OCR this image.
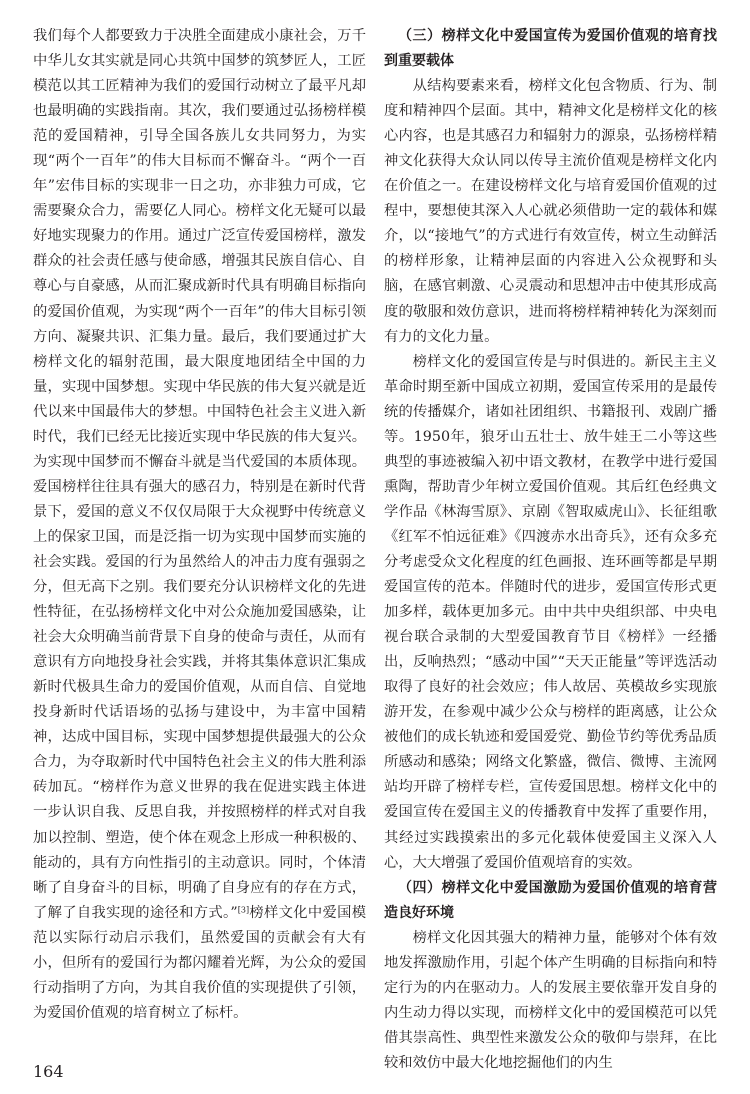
我们每个人都要致力于决胜全面建成小康社会，万千中华儿女其实就是同心共筑中国梦的筑梦匠人，工匠模范以其工匠精神为我们的爱国行动树立了最平凡却也最明确的实践指南。其次，我们要通过弘扬榜样模范的爱国精神，引导全国各族儿女共同努力，为实现“两个一百年”的伟大目标而不懈奋斗。“两个一百年”宏伟目标的实现非一日之功，亦非独力可成，它需要聚众合力，需要亿人同心。榜样文化无疑可以最好地实现聚力的作用。通过广泛宣传爱国榜样，激发群众的社会责任感与使命感，增强其民族自信心、自尊心与自豪感，从而汇聚成新时代具有明确目标指向的爱国价值观，为实现“两个一百年”的伟大目标引领方向、凝聚共识、汇集力量。最后，我们要通过扩大榜样文化的辐射范围，最大限度地团结全中国的力量，实现中国梦想。实现中华民族的伟大复兴就是近代以来中国最伟大的梦想。中国特色社会主义进入新时代，我们已经无比接近实现中华民族的伟大复兴。为实现中国梦而不懈奋斗就是当代爱国的本质体现。爱国榜样往往具有强大的感召力，特别是在新时代背景下，爱国的意义不仅仅局限于大众视野中传统意义上的保家卫国，而是泛指一切为实现中国梦而实施的社会实践。爱国的行为虽然给人的冲击力度有强弱之分，但无高下之别。我们要充分认识榜样文化的先进性特征，在弘扬榜样文化中对公众施加爱国感染，让社会大众明确当前背景下自身的使命与责任，从而有意识有方向地投身社会实践，并将其集体意识汇集成新时代极具生命力的爱国价值观，从而自信、自觉地投身新时代话语场的弘扬与建设中，为丰富中国精神，达成中国目标，实现中国梦想提供最强大的公众合力，为夺取新时代中国特色社会主义的伟大胜利添砖加瓦。“榜样作为意义世界的我在促进实践主体进一步认识自我、反思自我，并按照榜样的样式对自我加以控制、塑造，使个体在观念上形成一种积极的、能动的，具有方向性指引的主动意识。同时，个体清晰了自身奋斗的目标，明确了自身应有的存在方式，了解了自我实现的途径和方式。”[3]榜样文化中爱国模范以实际行动启示我们，虽然爱国的贡献会有大有小，但所有的爱国行为都闪耀着光辉，为公众的爱国行动指明了方向，为其自我价值的实现提供了引领，为爱国价值观的培育树立了标杆。

（三）榜样文化中爱国宣传为爱国价值观的培育找到重要载体

从结构要素来看，榜样文化包含物质、行为、制度和精神四个层面。其中，精神文化是榜样文化的核心内容，也是其感召力和辐射力的源泉，弘扬榜样精神文化获得大众认同以传导主流价值观是榜样文化内在价值之一。在建设榜样文化与培育爱国价值观的过程中，要想使其深入人心就必须借助一定的载体和媒介，以“接地气”的方式进行有效宣传，树立生动鲜活的榜样形象，让精神层面的内容进入公众视野和头脑，在感官刺激、心灵震动和思想冲击中使其形成高度的敬服和效仿意识，进而将榜样精神转化为深刻而有力的文化力量。

榜样文化的爱国宣传是与时俱进的。新民主主义革命时期至新中国成立初期，爱国宣传采用的是最传统的传播媒介，诸如社团组织、书籍报刊、戏剧广播等。1950年，狼牙山五壮士、放牛娃王二小等这些典型的事迹被编入初中语文教材，在教学中进行爱国熏陶，帮助青少年树立爱国价值观。其后红色经典文学作品《林海雪原》、京剧《智取威虎山》、长征组歌《红军不怕远征难》《四渡赤水出奇兵》，还有众多充分考虑受众文化程度的红色画报、连环画等都是早期爱国宣传的范本。伴随时代的进步，爱国宣传形式更加多样，载体更加多元。由中共中央组织部、中央电视台联合录制的大型爱国教育节目《榜样》一经播出，反响热烈；“感动中国”“天天正能量”等评选活动取得了良好的社会效应；伟人故居、英模故乡实现旅游开发，在参观中减少公众与榜样的距离感，让公众被他们的成长轨迹和爱国爱党、勤俭节约等优秀品质所感动和感染；网络文化繁盛，微信、微博、主流网站均开辟了榜样专栏，宣传爱国思想。榜样文化中的爱国宣传在爱国主义的传播教育中发挥了重要作用，其经过实践摸索出的多元化载体使爱国主义深入人心，大大增强了爱国价值观培育的实效。

（四）榜样文化中爱国激励为爱国价值观的培育营造良好环境

榜样文化因其强大的精神力量，能够对个体有效地发挥激励作用，引起个体产生明确的目标指向和特定行为的内在驱动力。人的发展主要依靠开发自身的内生动力得以实现，而榜样文化中的爱国模范可以凭借其崇高性、典型性来激发公众的敬仰与崇拜，在比较和效仿中最大化地挖掘他们的内生

164
